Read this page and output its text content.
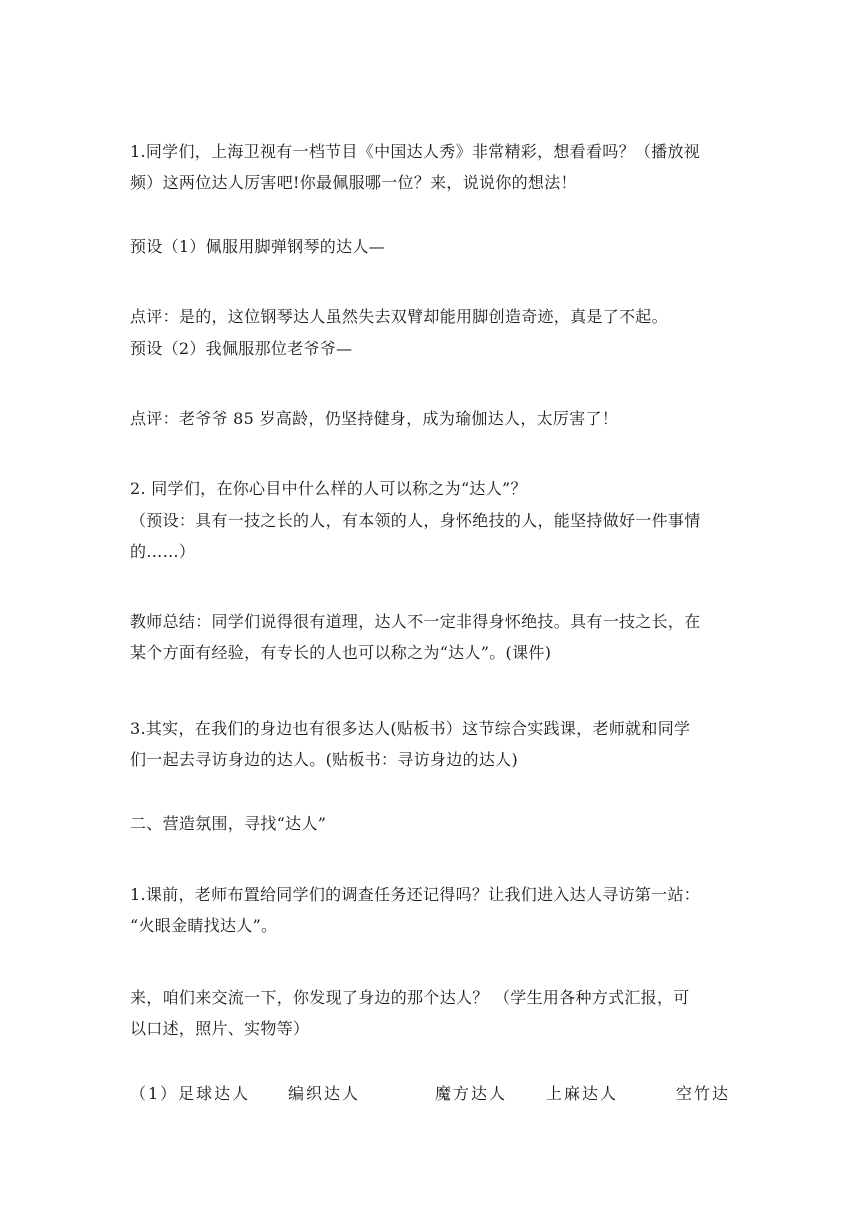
1.同学们，上海卫视有一档节目《中国达人秀》非常精彩，想看看吗？（播放视
频）这两位达人厉害吧!你最佩服哪一位？来，说说你的想法！

预设（1）佩服用脚弹钢琴的达人—

点评：是的，这位钢琴达人虽然失去双臂却能用脚创造奇迹，真是了不起。

预设（2）我佩服那位老爷爷—

点评：老爷爷 85 岁高龄，仍坚持健身，成为瑜伽达人，太厉害了！

2. 同学们，在你心目中什么样的人可以称之为“达人”？

（预设：具有一技之长的人，有本领的人，身怀绝技的人，能坚持做好一件事情
的……）

教师总结：同学们说得很有道理，达人不一定非得身怀绝技。具有一技之长，在
某个方面有经验，有专长的人也可以称之为“达人”。(课件)

3.其实，在我们的身边也有很多达人(贴板书）这节综合实践课，老师就和同学
们一起去寻访身边的达人。(贴板书：寻访身边的达人)

二、营造氛围，寻找“达人”

1.课前，老师布置给同学们的调查任务还记得吗？让我们进入达人寻访第一站：
“火眼金睛找达人”。

来，咱们来交流一下，你发现了身边的那个达人？ （学生用各种方式汇报，可
以口述，照片、实物等）

（1）足球达人 编织达人	魔方达人 上麻达人	空竹达
